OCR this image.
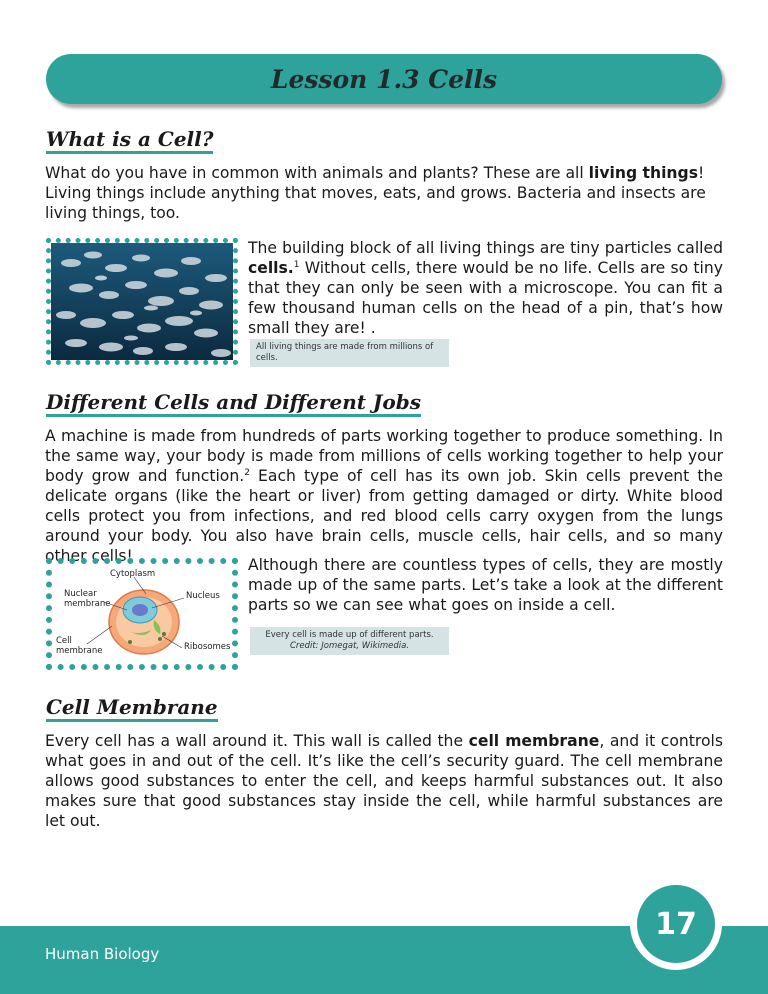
Lesson 1.3 Cells
What is a Cell?
What do you have in common with animals and plants? These are all living things! Living things include anything that moves, eats, and grows. Bacteria and insects are living things, too.
The building block of all living things are tiny particles called cells.$^1$ Without cells, there would be no life. Cells are so tiny that they can only be seen with a microscope. You can fit a few thousand human cells on the head of a pin, that’s how small they are! .
All living things are made from millions of cells.
Different Cells and Different Jobs
A machine is made from hundreds of parts working together to produce something. In the same way, your body is made from millions of cells working together to help your body grow and function.$^2$ Each type of cell has its own job. Skin cells prevent the delicate organs (like the heart or liver) from getting damaged or dirty. White blood cells protect you from infections, and red blood cells carry oxygen from the lungs around your body. You also have brain cells, muscle cells, hair cells, and so many other cells!
Cytoplasm
Nuclear
membrane
Nucleus
Cell
membrane	Ribosomes
Although there are countless types of cells, they are mostly made up of the same parts. Let’s take a look at the different parts so we can see what goes on inside a cell.
Every cell is made up of different parts.
Credit: Jomegat, Wikimedia.
Cell Membrane
Every cell has a wall around it. This wall is called the cell membrane, and it controls what goes in and out of the cell. It’s like the cell’s security guard. The cell membrane allows good substances to enter the cell, and keeps harmful substances out. It also makes sure that good substances stay inside the cell, while harmful substances are let out.
Human Biology
17
